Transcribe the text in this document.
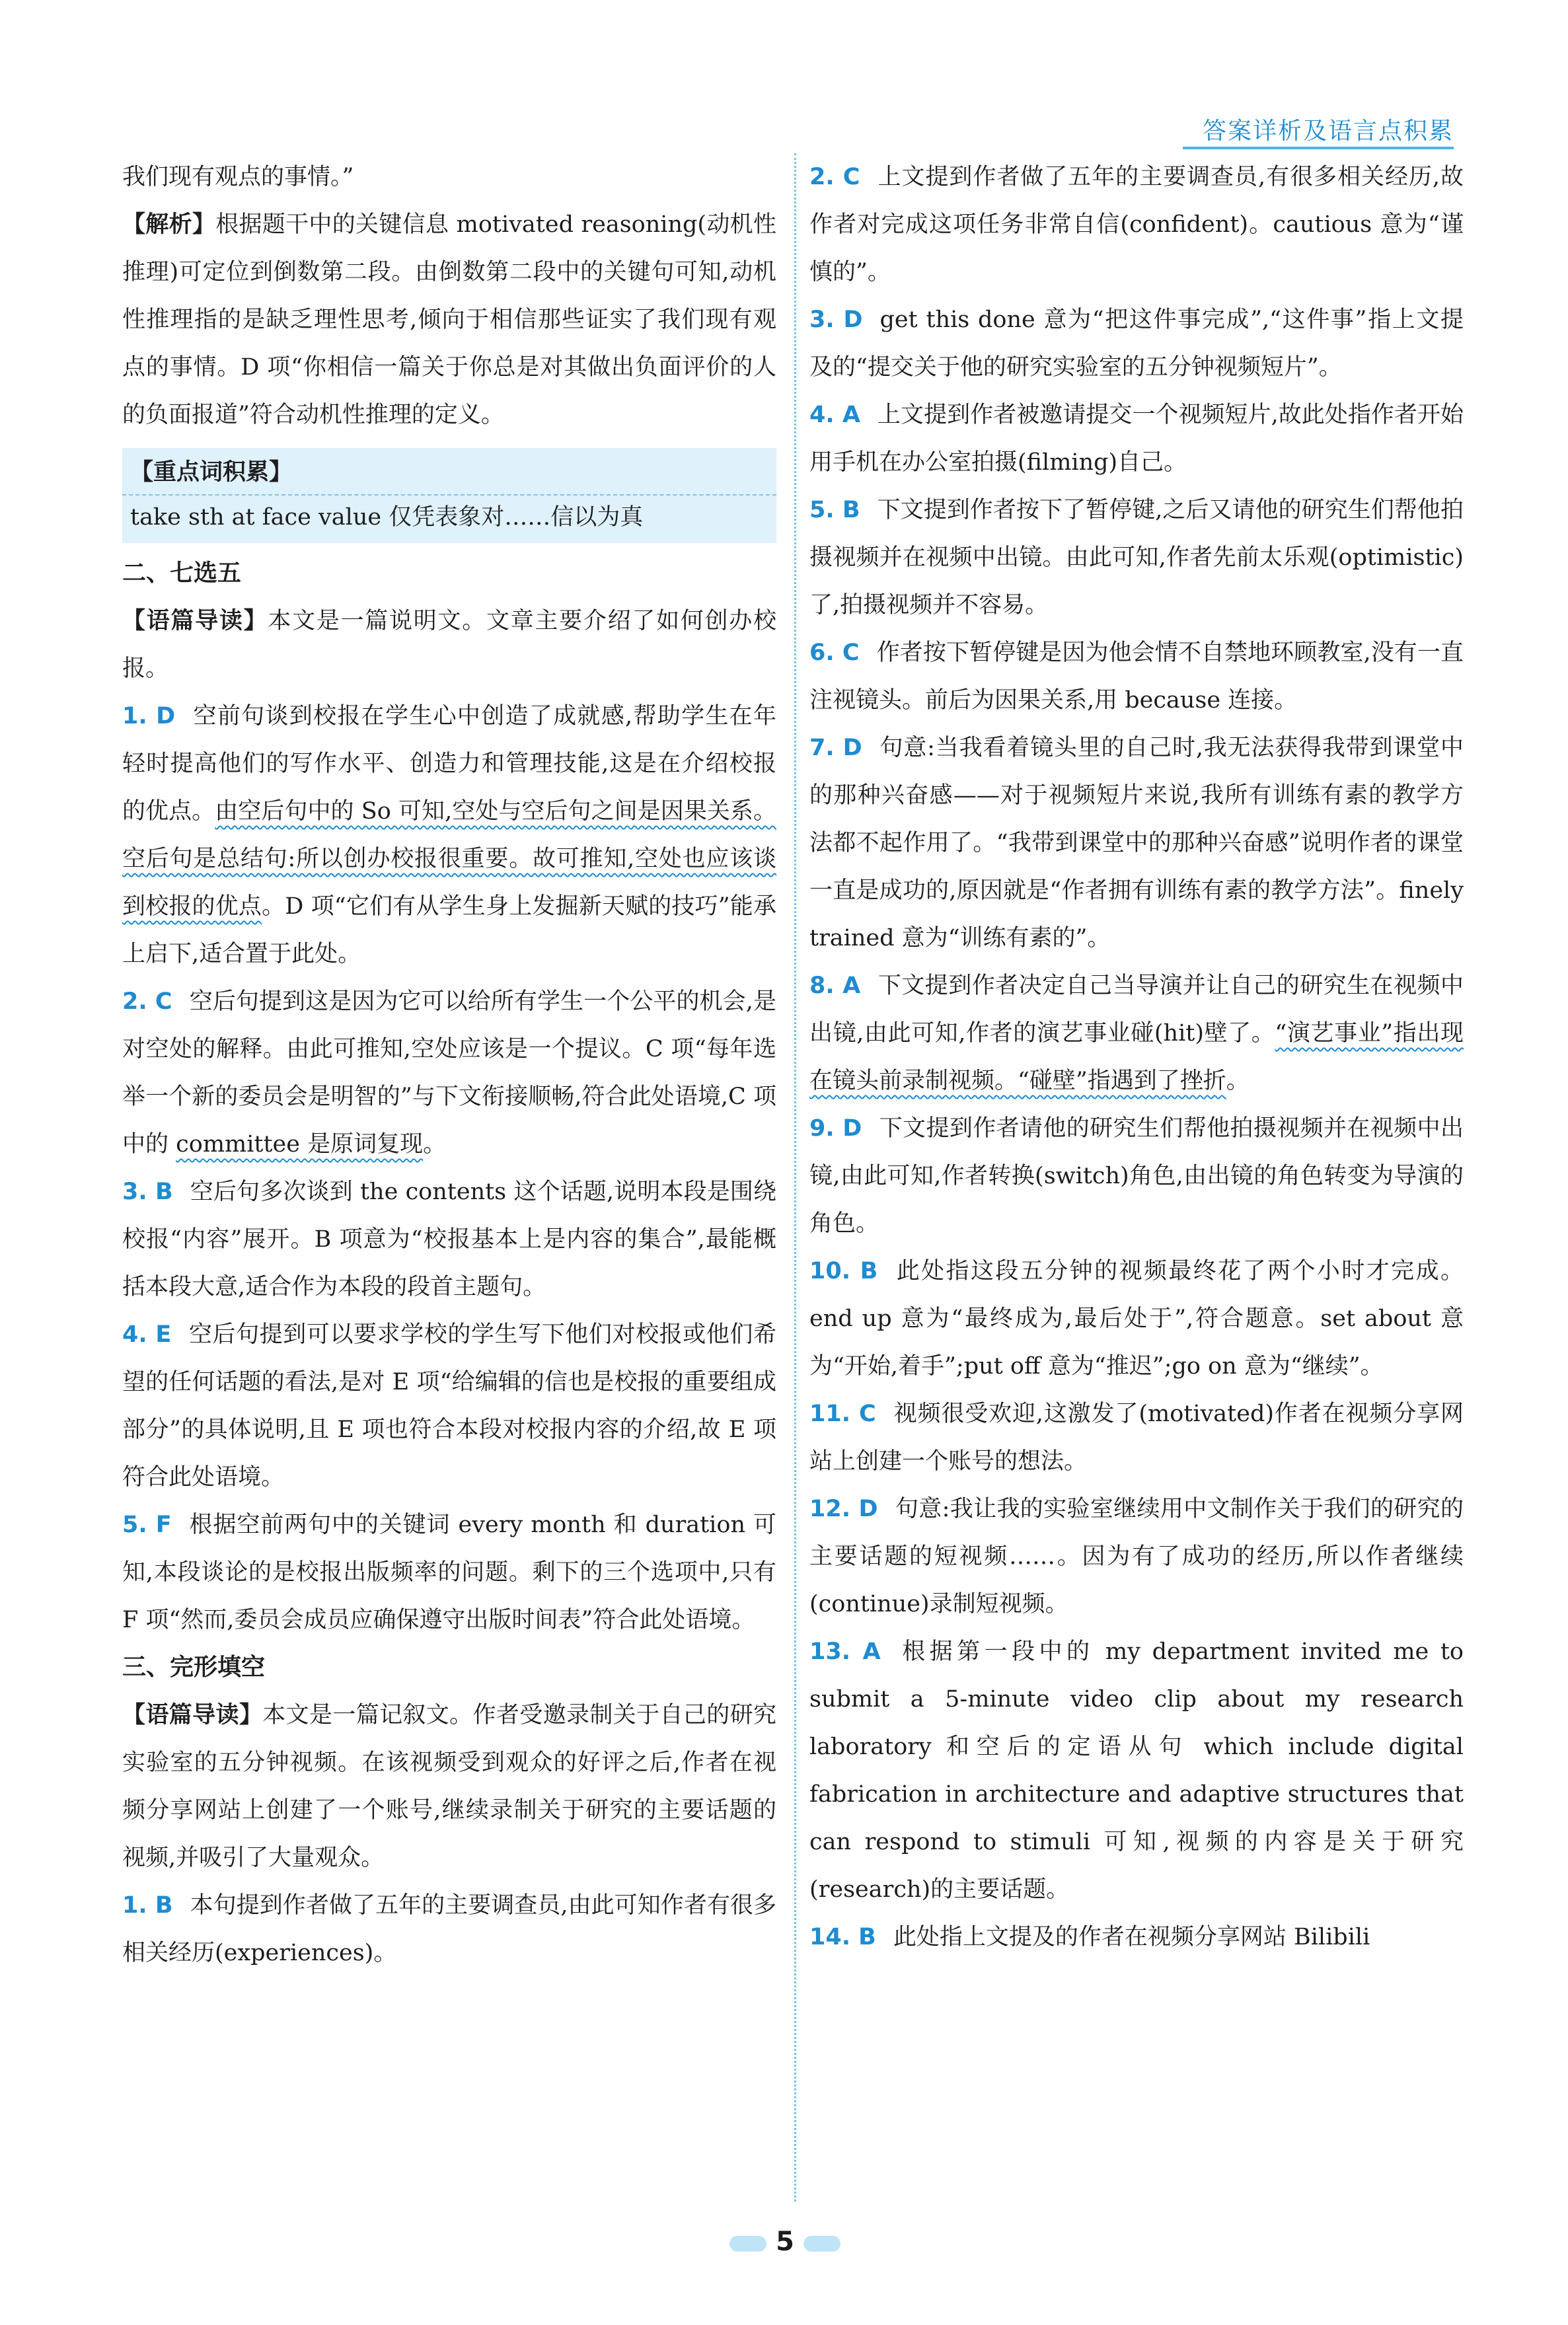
答案详析及语言点积累

我们现有观点的事情。”

【解析】根据题干中的关键信息 motivated reasoning(动机性推理)可定位到倒数第二段。由倒数第二段中的关键句可知,动机性推理指的是缺乏理性思考,倾向于相信那些证实了我们现有观点的事情。D 项“你相信一篇关于你总是对其做出负面评价的人的负面报道”符合动机性推理的定义。

【重点词积累】
take sth at face value 仅凭表象对……信以为真

二、七选五

【语篇导读】本文是一篇说明文。文章主要介绍了如何创办校报。

1. D 空前句谈到校报在学生心中创造了成就感,帮助学生在年轻时提高他们的写作水平、创造力和管理技能,这是在介绍校报的优点。由空后句中的 So 可知,空处与空后句之间是因果关系。空后句是总结句:所以创办校报很重要。故可推知,空处也应该谈到校报的优点。D 项“它们有从学生身上发掘新天赋的技巧”能承上启下,适合置于此处。

2. C 空后句提到这是因为它可以给所有学生一个公平的机会,是对空处的解释。由此可推知,空处应该是一个提议。C 项“每年选举一个新的委员会是明智的”与下文衔接顺畅,符合此处语境,C 项中的 committee 是原词复现。

3. B 空后句多次谈到 the contents 这个话题,说明本段是围绕校报“内容”展开。B 项意为“校报基本上是内容的集合”,最能概括本段大意,适合作为本段的段首主题句。

4. E 空后句提到可以要求学校的学生写下他们对校报或他们希望的任何话题的看法,是对 E 项“给编辑的信也是校报的重要组成部分”的具体说明,且 E 项也符合本段对校报内容的介绍,故 E 项符合此处语境。

5. F 根据空前两句中的关键词 every month 和 duration 可知,本段谈论的是校报出版频率的问题。剩下的三个选项中,只有 F 项“然而,委员会成员应确保遵守出版时间表”符合此处语境。

三、完形填空

【语篇导读】本文是一篇记叙文。作者受邀录制关于自己的研究实验室的五分钟视频。在该视频受到观众的好评之后,作者在视频分享网站上创建了一个账号,继续录制关于研究的主要话题的视频,并吸引了大量观众。

1. B 本句提到作者做了五年的主要调查员,由此可知作者有很多相关经历(experiences)。

2. C 上文提到作者做了五年的主要调查员,有很多相关经历,故作者对完成这项任务非常自信(confident)。cautious 意为“谨慎的”。

3. D get this done 意为“把这件事完成”,“这件事”指上文提及的“提交关于他的研究实验室的五分钟视频短片”。

4. A 上文提到作者被邀请提交一个视频短片,故此处指作者开始用手机在办公室拍摄(filming)自己。

5. B 下文提到作者按下了暂停键,之后又请他的研究生们帮他拍摄视频并在视频中出镜。由此可知,作者先前太乐观(optimistic)了,拍摄视频并不容易。

6. C 作者按下暂停键是因为他会情不自禁地环顾教室,没有一直注视镜头。前后为因果关系,用 because 连接。

7. D 句意:当我看着镜头里的自己时,我无法获得我带到课堂中的那种兴奋感——对于视频短片来说,我所有训练有素的教学方法都不起作用了。“我带到课堂中的那种兴奋感”说明作者的课堂一直是成功的,原因就是“作者拥有训练有素的教学方法”。finely trained 意为“训练有素的”。

8. A 下文提到作者决定自己当导演并让自己的研究生在视频中出镜,由此可知,作者的演艺事业碰(hit)壁了。“演艺事业”指出现在镜头前录制视频。“碰壁”指遇到了挫折。

9. D 下文提到作者请他的研究生们帮他拍摄视频并在视频中出镜,由此可知,作者转换(switch)角色,由出镜的角色转变为导演的角色。

10. B 此处指这段五分钟的视频最终花了两个小时才完成。end up 意为“最终成为,最后处于”,符合题意。set about 意为“开始,着手”;put off 意为“推迟”;go on 意为“继续”。

11. C 视频很受欢迎,这激发了(motivated)作者在视频分享网站上创建一个账号的想法。

12. D 句意:我让我的实验室继续用中文制作关于我们的研究的主要话题的短视频……。因为有了成功的经历,所以作者继续(continue)录制短视频。

13. A 根据第一段中的 my department invited me to submit a 5-minute video clip about my research laboratory 和空后的定语从句 which include digital fabrication in architecture and adaptive structures that can respond to stimuli 可知,视频的内容是关于研究(research)的主要话题。

14. B 此处指上文提及的作者在视频分享网站 Bilibili

5
